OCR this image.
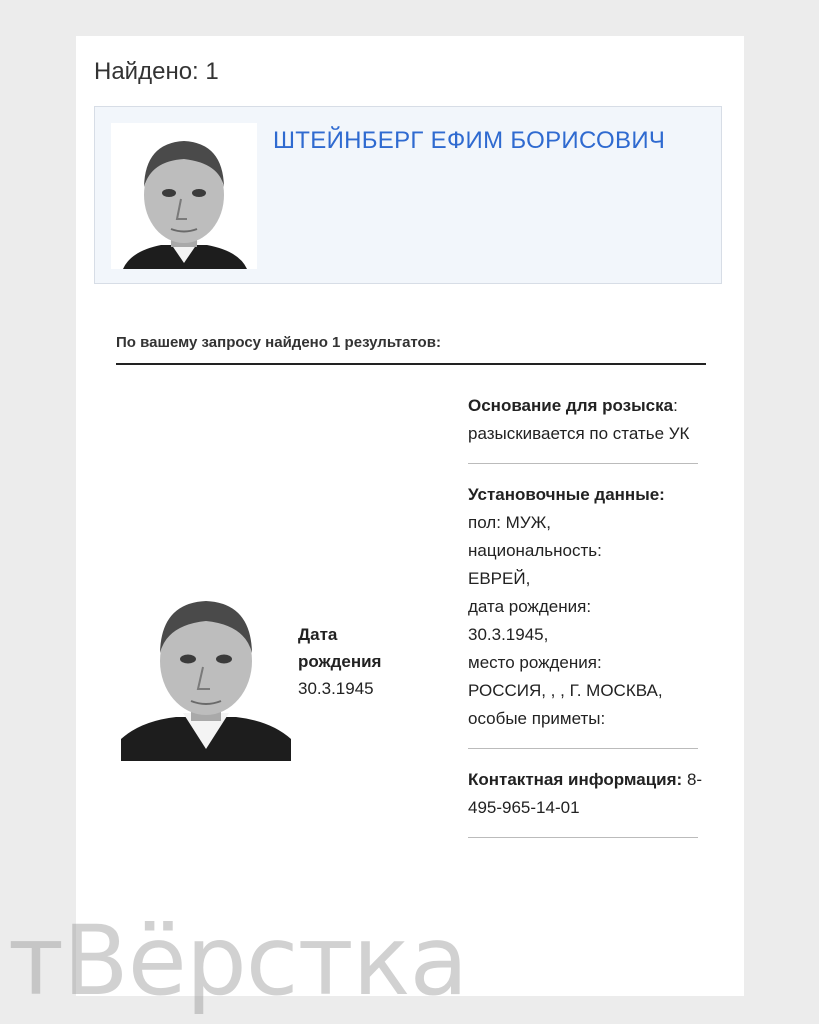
Найдено: 1
ШТЕЙНБЕРГ ЕФИМ БОРИСОВИЧ
По вашему запросу найдено 1 результатов:
Дата рождения
30.3.1945
Основание для розыска:
разыскивается по статье УК
Установочные данные:
пол: МУЖ,
национальность:
ЕВРЕЙ,
дата рождения:
30.3.1945,
место рождения:
РОССИЯ, , , Г. МОСКВА,
особые приметы:
Контактная информация: 8-495-965-14-01
тВёрстка
